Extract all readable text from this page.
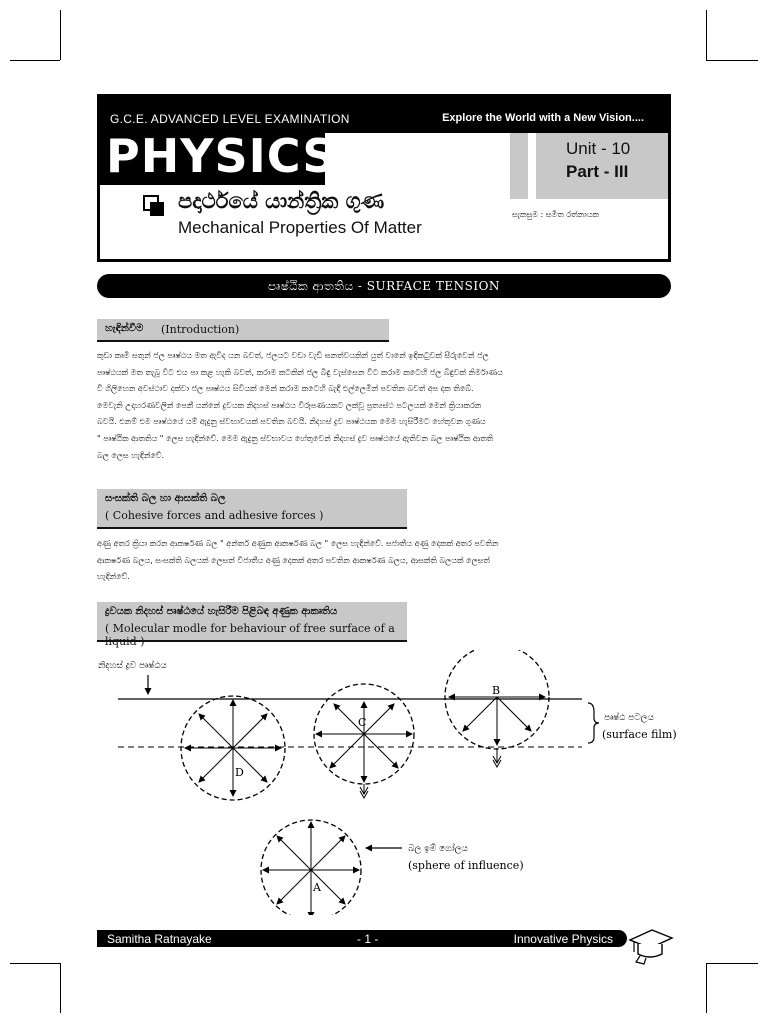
G.C.E. ADVANCED LEVEL EXAMINATION	Explore the World with a New Vision....
PHYSICS	Unit - 10
Part - III
පදාර්ථයේ යාන්ත්‍රික ගුණ
Mechanical Properties Of Matter
සැකසුම : සමිත රත්නායක
පෘෂ්ඨික ආතතිය - SURFACE TENSION
හැඳින්වීම (Introduction)

කුඩා කෘමි සතුන් ජල පෘෂ්ඨය මත ඇවිද යන බවත්, ජලයට වඩා වැඩි ඝනත්වයකින් යුත් වානේ ඉඳිකටුවක් සීරුවෙන් ජල

පෘෂ්ඨයක් මත තැබූ විට එය පා කළ හැකි බවත්, කරාම කටකින් ජල බිඳු වැස්සෙන විට කරාම කටෙහි ජල බිඳුවක් නිර්මාණය

වී ගිලිහෙන අවස්ථාව දක්වා ජල පෘෂ්ඨය සිවියක් මෙන් කරාම කටෙහි බැඳී එල්ලෙමින් පවතින බවත් අප දක තිබේ.

මෙවැනි උදාහරණවලින් පෙනී යන්නේ ද්‍රවයක නිදහස් පෘෂ්ඨය විරූපණයකට ලක්වූ ප්‍රත්‍යස්ථ පටලයක් මෙන් ක්‍රියාකරන

බවයි. එනම් එම පෘෂ්ඨයේ යම් ඇදුනු ස්වභාවයක් පවතින බවයි. නිදහස් ද්‍රව පෘෂ්ඨයක මෙම හැසිරීමට හේතුවන ගුණය

" පෘෂ්ඨික ආතතිය " ලෙස හැඳින්වේ. මෙම ඇදුනු ස්වභාවය හේතුවෙන් නිදහස් ද්‍රව පෘෂ්ඨයේ ඇතිවන බල පෘෂ්ඨික ආතති

බල ලෙස හැඳින්වේ.

සංසක්ති බල හා ආසක්ති බල
( Cohesive forces and adhesive forces )

අණු අතර ක්‍රියා කරන ආකර්ෂණ බල " අන්තර් අණුක ආකර්ෂණ බල " ලෙස හැඳින්වේ. සජාතීය අණු දෙකක් අතර පවතින

ආකර්ෂණ බලය, සංසක්ති බලයක් ලෙසත් විජාතීය අණු දෙකක් අතර පවතින ආකර්ෂණ බලය, ආසක්ති බලයක් ලෙසත්

හැඳින්වේ.

ද්‍රවයක නිදහස් පෘෂ්ඨයේ හැසිරීම පිළිබඳ අණුක ආකෘතිය
( Molecular modle for behaviour of free surface of a
නිදහස් ද්‍රව පෘෂ්ඨය
පෘෂ්ඨ පටලය
(surface film)
D
C
B
A
බල ඉම් ගෝලය
(sphere of influence)
Samitha Ratnayake	- 1 -	Innovative Physics
